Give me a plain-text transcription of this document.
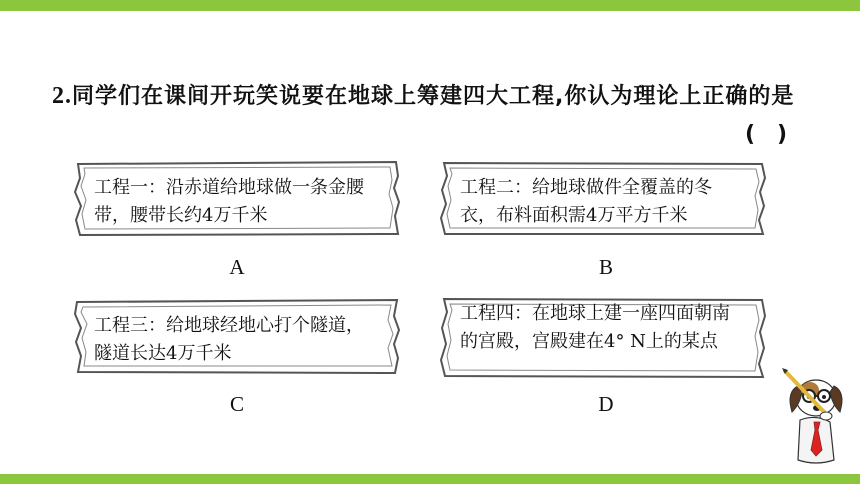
2.同学们在课间开玩笑说要在地球上筹建四大工程,你认为理论上正确的是
(　)
工程一：沿赤道给地球做一条金腰带，腰带长约4万千米
工程二：给地球做件全覆盖的冬衣，布料面积需4万平方千米
工程三：给地球经地心打个隧道，隧道长达4万千米
工程四：在地球上建一座四面朝南的宫殿，宫殿建在4° N上的某点
A	B
C	D
